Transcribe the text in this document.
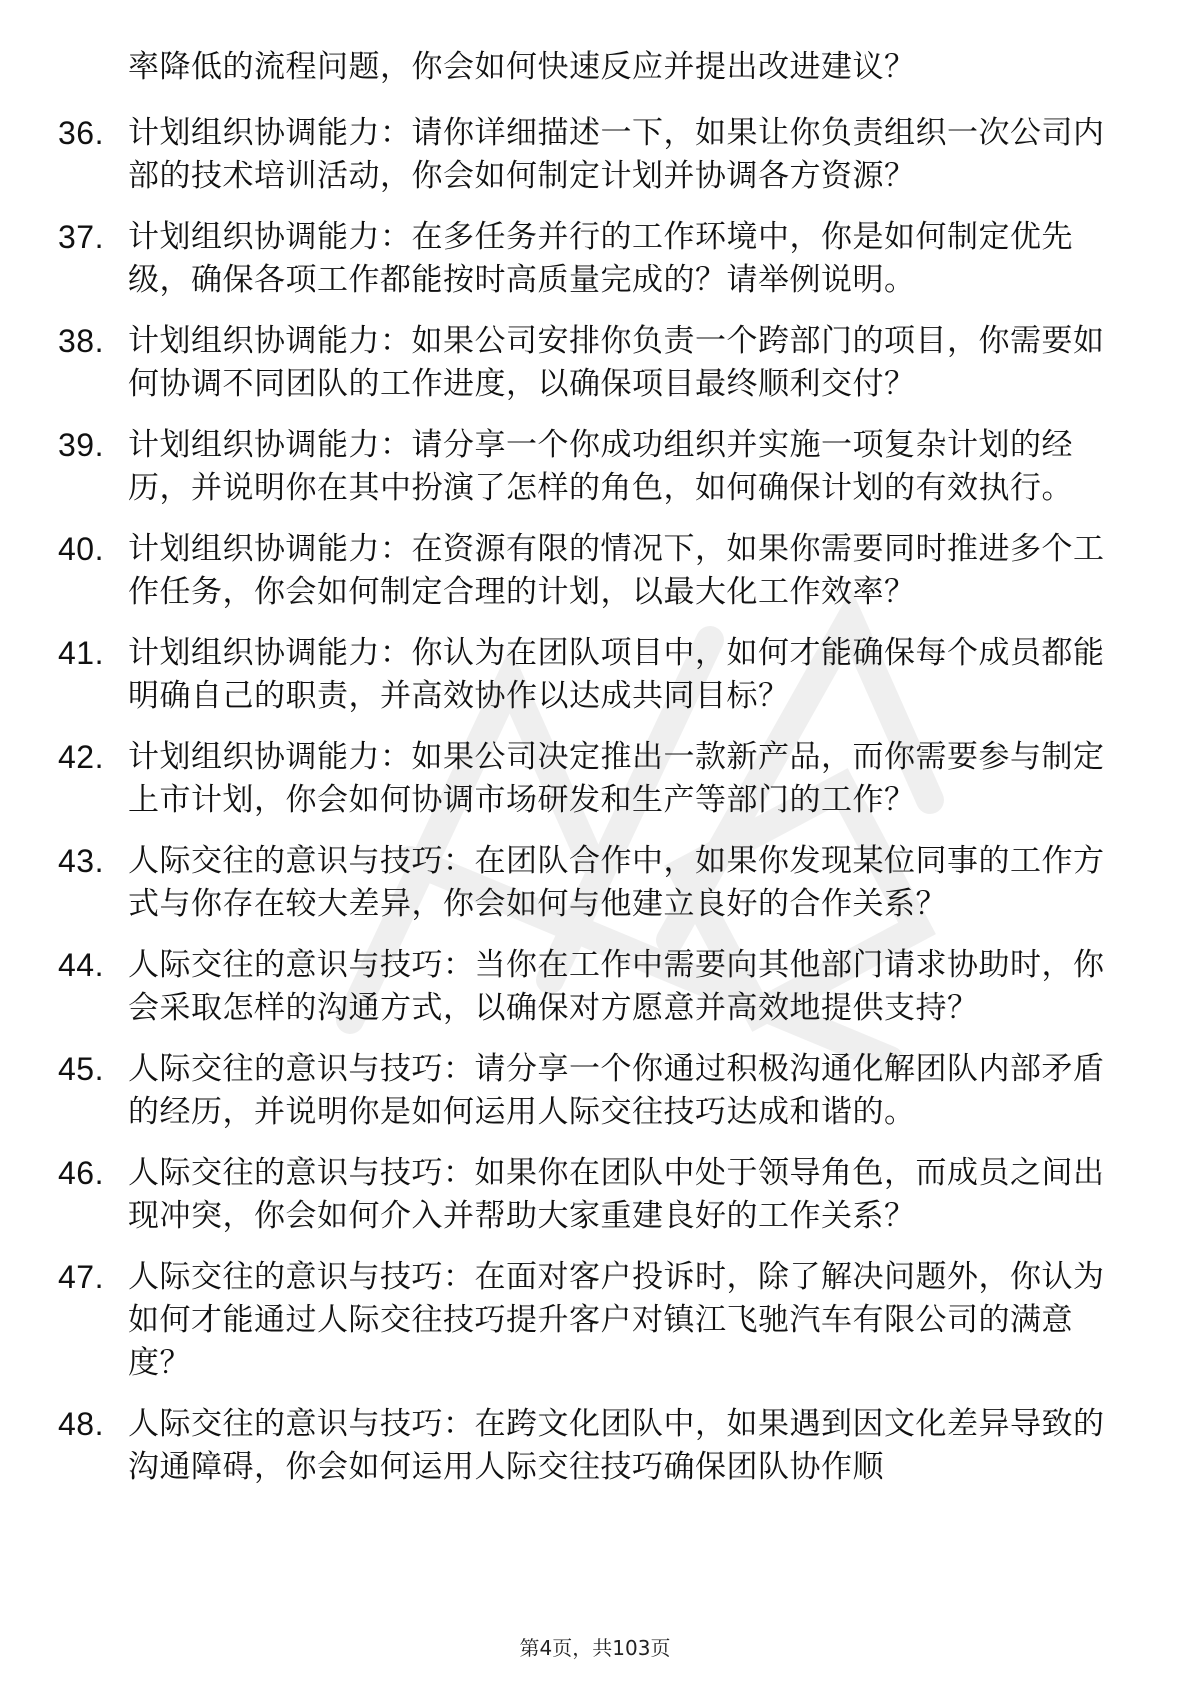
率降低的流程问题，你会如何快速反应并提出改进建议？
36. 计划组织协调能力：请你详细描述一下，如果让你负责组织一次公司内部的技术培训活动，你会如何制定计划并协调各方资源？
37. 计划组织协调能力：在多任务并行的工作环境中，你是如何制定优先级，确保各项工作都能按时高质量完成的？请举例说明。
38. 计划组织协调能力：如果公司安排你负责一个跨部门的项目，你需要如何协调不同团队的工作进度，以确保项目最终顺利交付？
39. 计划组织协调能力：请分享一个你成功组织并实施一项复杂计划的经历，并说明你在其中扮演了怎样的角色，如何确保计划的有效执行。
40. 计划组织协调能力：在资源有限的情况下，如果你需要同时推进多个工作任务，你会如何制定合理的计划，以最大化工作效率？
41. 计划组织协调能力：你认为在团队项目中，如何才能确保每个成员都能明确自己的职责，并高效协作以达成共同目标？
42. 计划组织协调能力：如果公司决定推出一款新产品，而你需要参与制定上市计划，你会如何协调市场研发和生产等部门的工作？
43. 人际交往的意识与技巧：在团队合作中，如果你发现某位同事的工作方式与你存在较大差异，你会如何与他建立良好的合作关系？
44. 人际交往的意识与技巧：当你在工作中需要向其他部门请求协助时，你会采取怎样的沟通方式，以确保对方愿意并高效地提供支持？
45. 人际交往的意识与技巧：请分享一个你通过积极沟通化解团队内部矛盾的经历，并说明你是如何运用人际交往技巧达成和谐的。
46. 人际交往的意识与技巧：如果你在团队中处于领导角色，而成员之间出现冲突，你会如何介入并帮助大家重建良好的工作关系？
47. 人际交往的意识与技巧：在面对客户投诉时，除了解决问题外，你认为如何才能通过人际交往技巧提升客户对镇江飞驰汽车有限公司的满意度？
48. 人际交往的意识与技巧：在跨文化团队中，如果遇到因文化差异导致的沟通障碍，你会如何运用人际交往技巧确保团队协作顺
第4页，共103页
